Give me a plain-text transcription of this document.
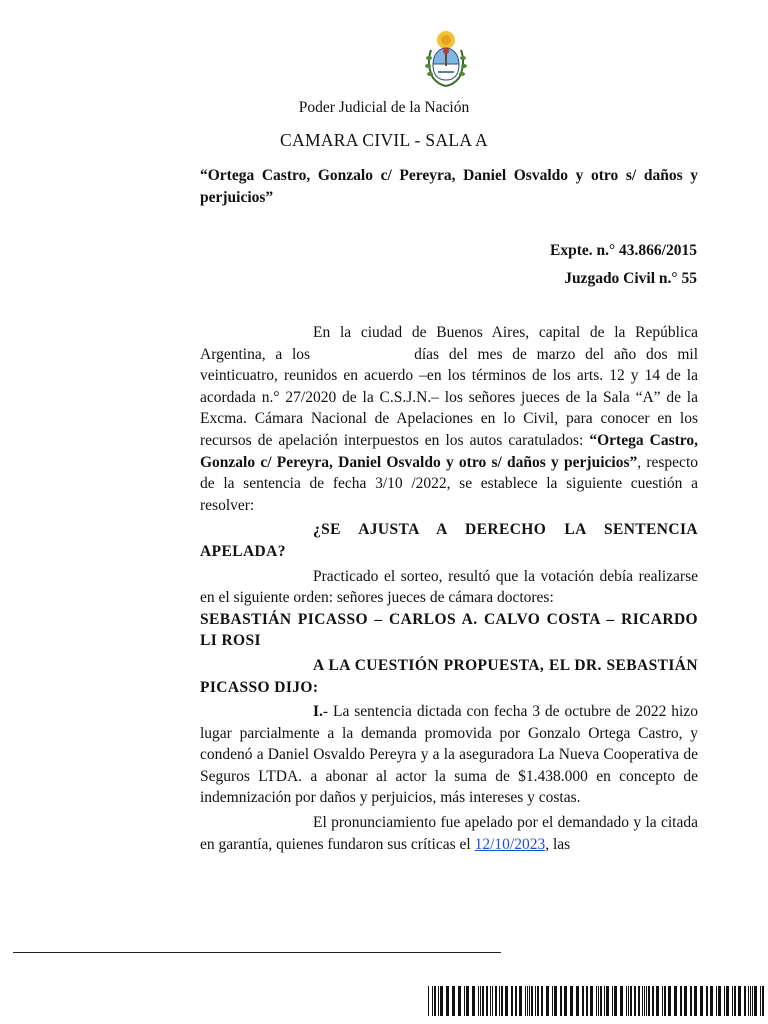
Poder Judicial de la Nación
CAMARA CIVIL - SALA A
“Ortega Castro, Gonzalo c/ Pereyra, Daniel Osvaldo y otro s/ daños y perjuicios”
Expte. n.° 43.866/2015
Juzgado Civil n.° 55

En la ciudad de Buenos Aires, capital de la República Argentina, a los	días del mes de marzo del año dos mil veinticuatro, reunidos en acuerdo –en los términos de los arts. 12 y 14 de la acordada n.° 27/2020 de la C.S.J.N.– los señores jueces de la Sala “A” de la Excma. Cámara Nacional de Apelaciones en lo Civil, para conocer en los recursos de apelación interpuestos en los autos caratulados: “Ortega Castro, Gonzalo c/ Pereyra, Daniel Osvaldo y otro s/ daños y perjuicios”, respecto de la sentencia de fecha 3/10 /2022, se establece la siguiente cuestión a resolver:

¿SE AJUSTA A DERECHO LA SENTENCIA APELADA?

Practicado el sorteo, resultó que la votación debía realizarse en el siguiente orden: señores jueces de cámara doctores:

SEBASTIÁN PICASSO – CARLOS A. CALVO COSTA – RICARDO LI ROSI

A LA CUESTIÓN PROPUESTA, EL DR. SEBASTIÁN PICASSO DIJO:

I.- La sentencia dictada con fecha 3 de octubre de 2022 hizo lugar parcialmente a la demanda promovida por Gonzalo Ortega Castro, y condenó a Daniel Osvaldo Pereyra y a la aseguradora La Nueva Cooperativa de Seguros LTDA. a abonar al actor la suma de $1.438.000 en concepto de indemnización por daños y perjuicios, más intereses y costas.

El pronunciamiento fue apelado por el demandado y la citada en garantía, quienes fundaron sus críticas el 12/10/2023, las
